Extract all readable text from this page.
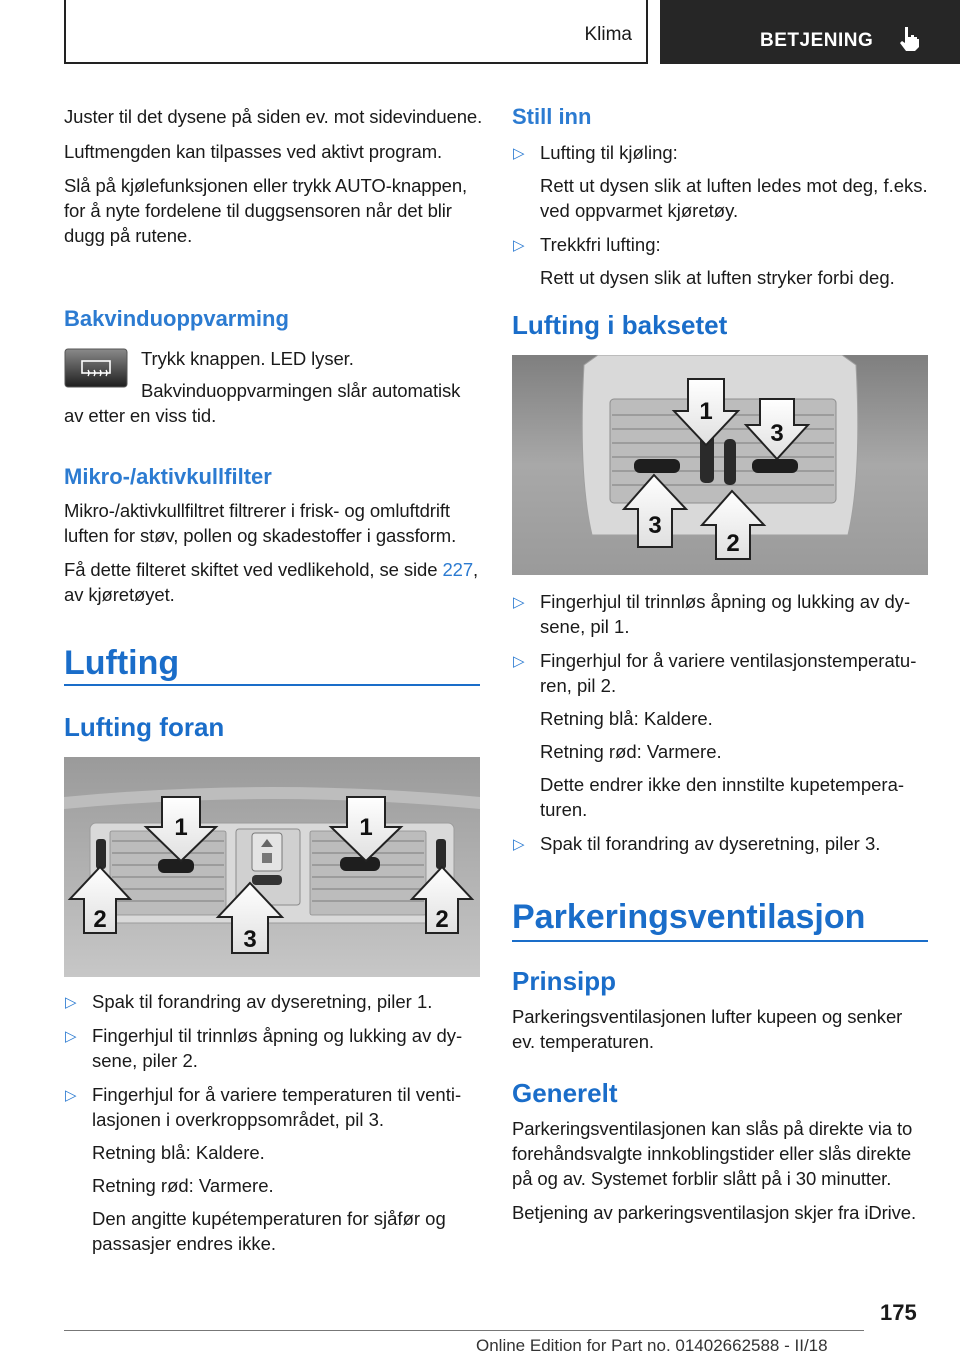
Klima	BETJENING

Juster til det dysene på siden ev. mot sidevinduene.

Luftmengden kan tilpasses ved aktivt program.

Slå på kjølefunksjonen eller trykk AUTO-knappen, for å nyte fordelene til duggsensoren når det blir dugg på rutene.

Bakvinduoppvarming
Trykk knappen. LED lyser.
Bakvinduoppvarmingen slår automatisk av etter en viss tid.
Mikro-/aktivkullfilter

Mikro-/aktivkullfiltret filtrerer i frisk- og omluftdrift luften for støv, pollen og skadestoffer i gassform.

Få dette filteret skiftet ved vedlikehold, se side 227, av kjøretøyet.

Lufting
Lufting foran
1	1
2
3
2
▷ Spak til forandring av dyseretning, piler 1.
▷ Fingerhjul til trinnløs åpning og lukking av dysene, piler 2.
▷ Fingerhjul for å variere temperaturen til ventilasjonen i overkroppsområdet, pil 3.
Retning blå: Kaldere.
Retning rød: Varmere.
Den angitte kupétemperaturen for sjåfør og passasjer endres ikke.
Still inn
▷ Lufting til kjøling:
Rett ut dysen slik at luften ledes mot deg, f.eks. ved oppvarmet kjøretøy.
▷ Trekkfri lufting:
Rett ut dysen slik at luften stryker forbi deg.
Lufting i baksetet
1
3
3
2
▷ Fingerhjul til trinnløs åpning og lukking av dysene, pil 1.
▷ Fingerhjul for å variere ventilasjonstemperaturen, pil 2.
Retning blå: Kaldere.
Retning rød: Varmere.
Dette endrer ikke den innstilte kupetemperaturen.
▷ Spak til forandring av dyseretning, piler 3.
Parkeringsventilasjon
Prinsipp

Parkeringsventilasjonen lufter kupeen og senker ev. temperaturen.

Generelt

Parkeringsventilasjonen kan slås på direkte via to forehåndsvalgte innkoblingstider eller slås direkte på og av. Systemet forblir slått på i 30 minutter.

Betjening av parkeringsventilasjon skjer fra iDrive.

175
Online Edition for Part no. 01402662588 - II/18
